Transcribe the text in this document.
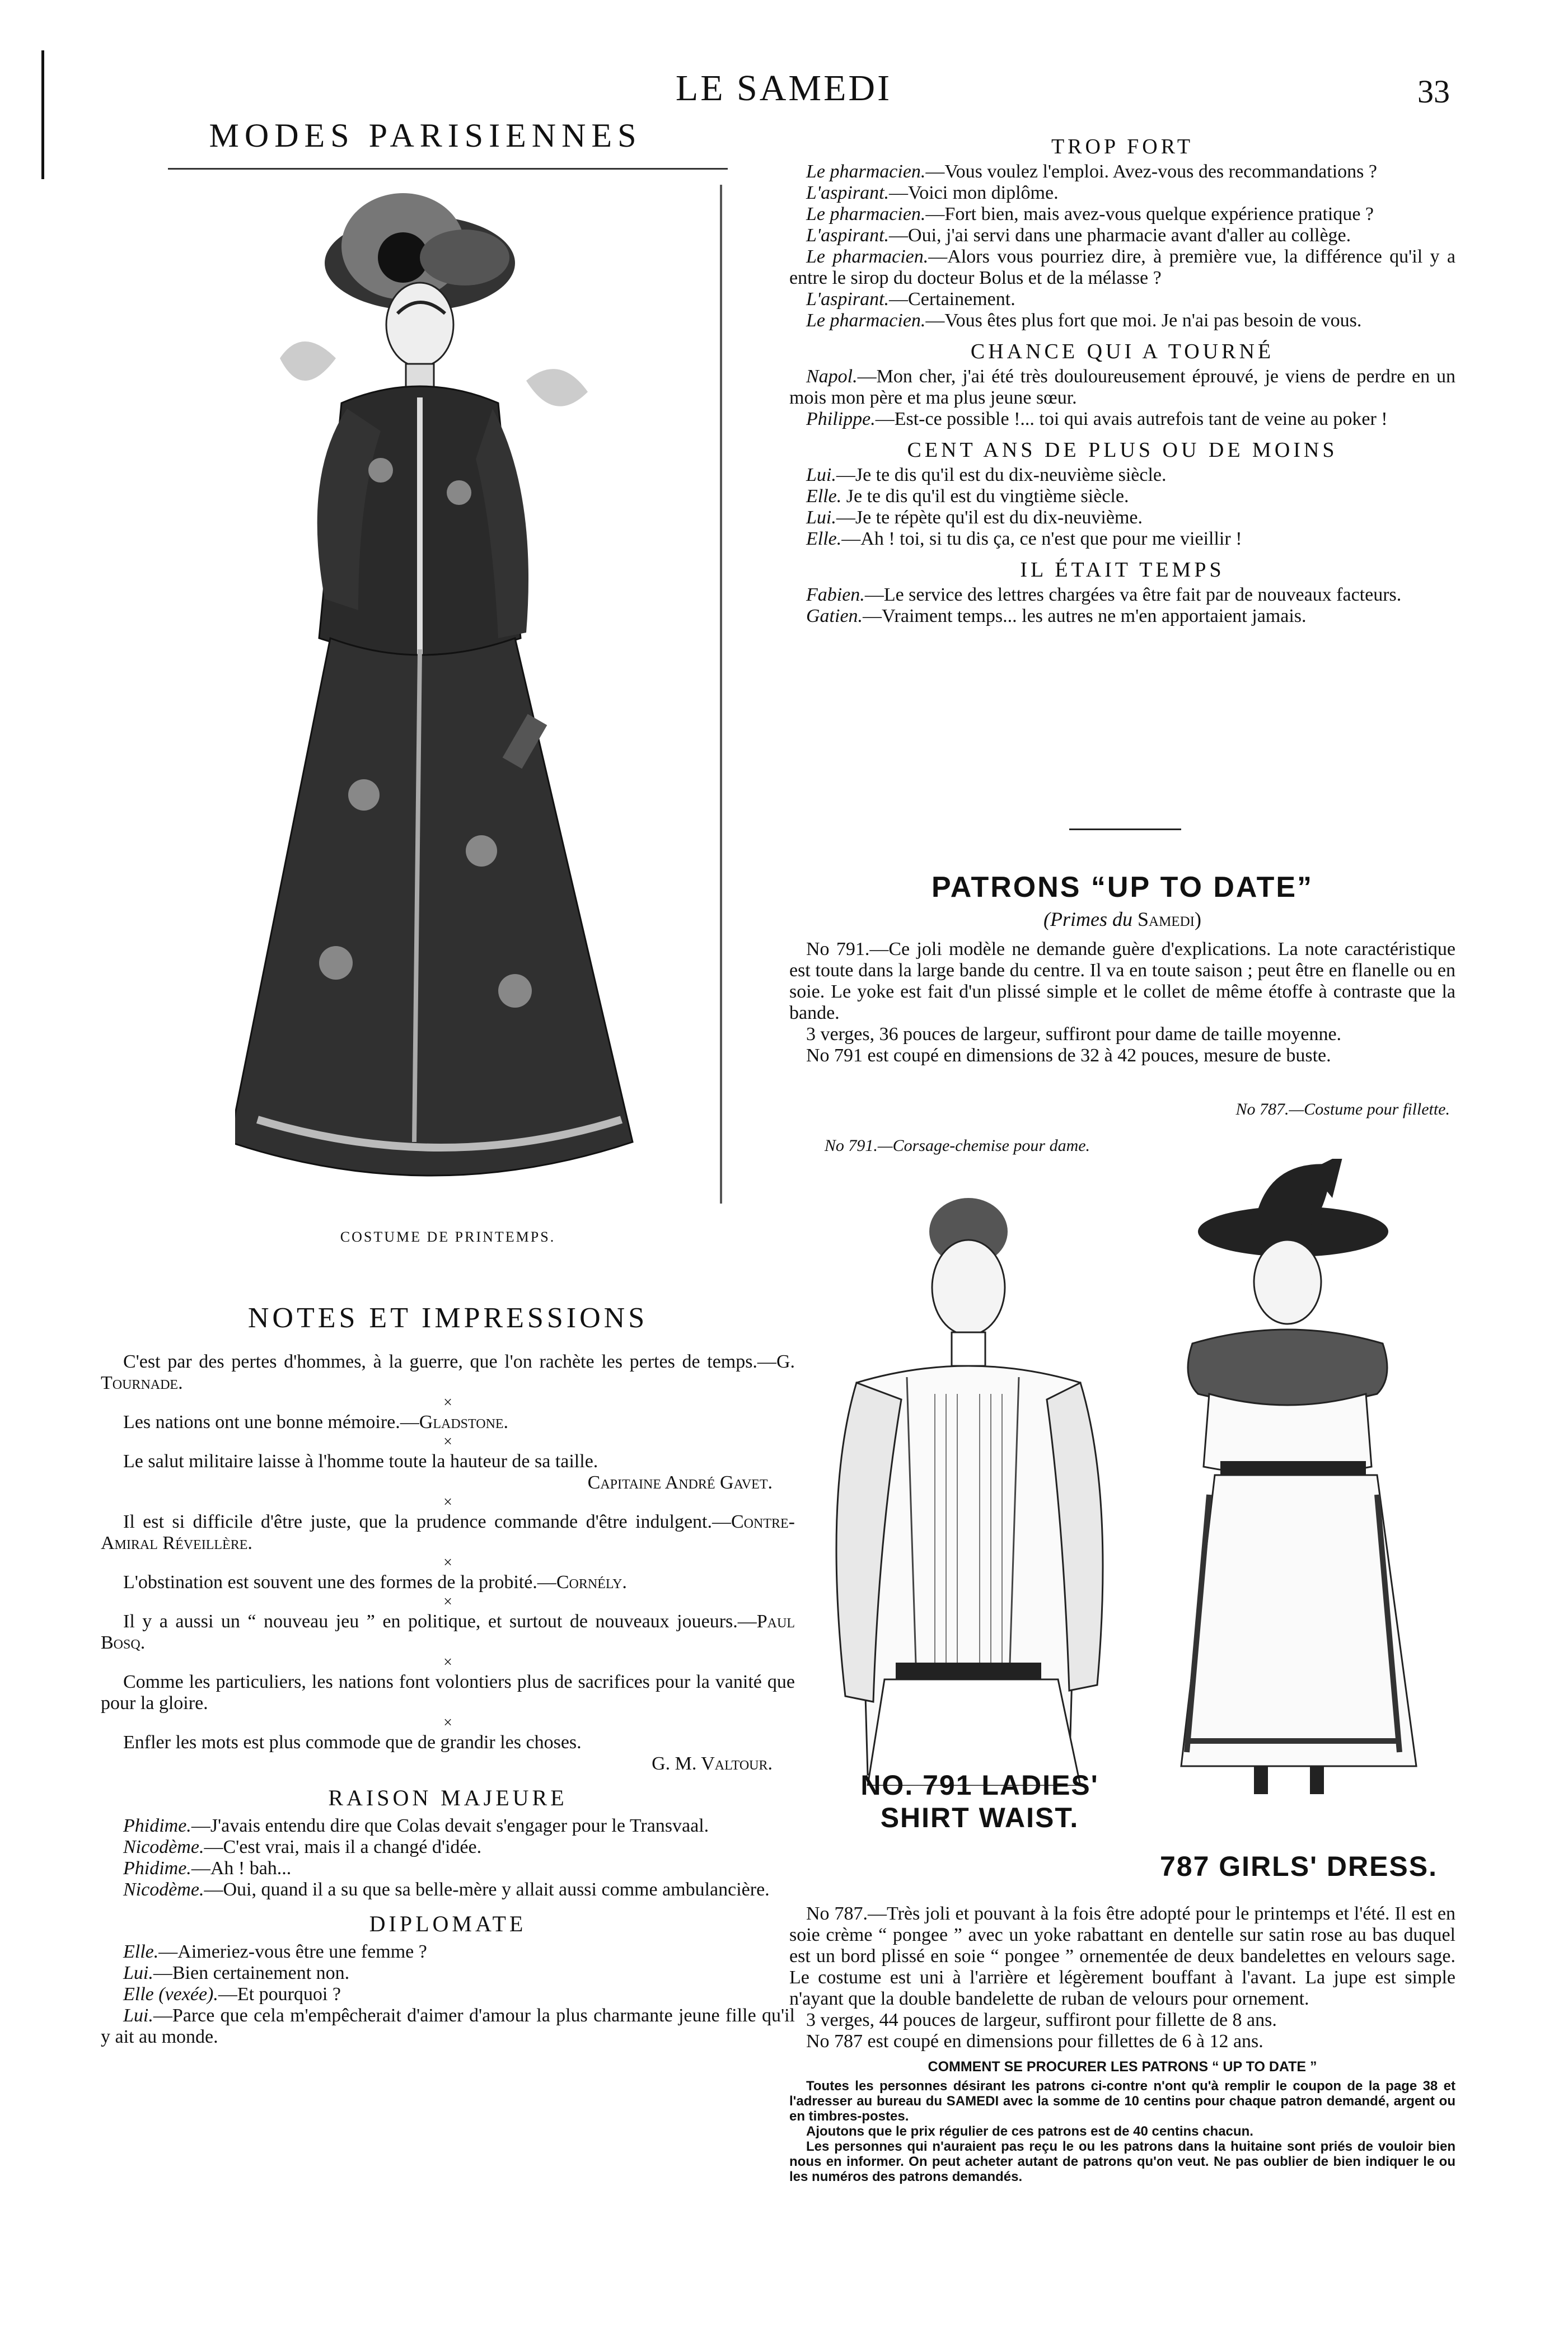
LE SAMEDI	33
MODES PARISIENNES
COSTUME DE PRINTEMPS.
NOTES ET IMPRESSIONS

C'est par des pertes d'hommes, à la guerre, que l'on rachète les pertes de temps.—G. Tournade.

×

Les nations ont une bonne mémoire.—Gladstone.

×

Le salut militaire laisse à l'homme toute la hauteur de sa taille.

Capitaine André Gavet.

×

Il est si difficile d'être juste, que la prudence commande d'être indulgent.—Contre-Amiral Réveillère.

×

L'obstination est souvent une des formes de la probité.—Cornély.

×

Il y a aussi un “ nouveau jeu ” en politique, et surtout de nouveaux joueurs.—Paul Bosq.

×

Comme les particuliers, les nations font volontiers plus de sacrifices pour la vanité que pour la gloire.

×

Enfler les mots est plus commode que de grandir les choses.

G. M. Valtour.

RAISON MAJEURE

Phidime.—J'avais entendu dire que Colas devait s'engager pour le Transvaal.

Nicodème.—C'est vrai, mais il a changé d'idée.

Phidime.—Ah ! bah...

Nicodème.—Oui, quand il a su que sa belle-mère y allait aussi comme ambulancière.

DIPLOMATE

Elle.—Aimeriez-vous être une femme ?

Lui.—Bien certainement non.

Elle (vexée).—Et pourquoi ?

Lui.—Parce que cela m'empêcherait d'aimer d'amour la plus charmante jeune fille qu'il y ait au monde.

TROP FORT

Le pharmacien.—Vous voulez l'emploi. Avez-vous des recommandations ?

L'aspirant.—Voici mon diplôme.

Le pharmacien.—Fort bien, mais avez-vous quelque expérience pratique ?

L'aspirant.—Oui, j'ai servi dans une pharmacie avant d'aller au collège.

Le pharmacien.—Alors vous pourriez dire, à première vue, la différence qu'il y a entre le sirop du docteur Bolus et de la mélasse ?

L'aspirant.—Certainement.

Le pharmacien.—Vous êtes plus fort que moi. Je n'ai pas besoin de vous.

CHANCE QUI A TOURNÉ

Napol.—Mon cher, j'ai été très douloureusement éprouvé, je viens de perdre en un mois mon père et ma plus jeune sœur.

Philippe.—Est-ce possible !... toi qui avais autrefois tant de veine au poker !

CENT ANS DE PLUS OU DE MOINS

Lui.—Je te dis qu'il est du dix-neuvième siècle.

Elle. Je te dis qu'il est du vingtième siècle.

Lui.—Je te répète qu'il est du dix-neuvième.

Elle.—Ah ! toi, si tu dis ça, ce n'est que pour me vieillir !

IL ÉTAIT TEMPS

Fabien.—Le service des lettres chargées va être fait par de nouveaux facteurs.

Gatien.—Vraiment temps... les autres ne m'en apportaient jamais.

PATRONS “UP TO DATE”
(Primes du Samedi)

No 791.—Ce joli modèle ne demande guère d'explications. La note caractéristique est toute dans la large bande du centre. Il va en toute saison ; peut être en flanelle ou en soie. Le yoke est fait d'un plissé simple et le collet de même étoffe à contraste que la bande.

3 verges, 36 pouces de largeur, suffiront pour dame de taille moyenne.

No 791 est coupé en dimensions de 32 à 42 pouces, mesure de buste.

No 787.—Costume pour fillette.
No 791.—Corsage-chemise pour dame.
NO. 791 LADIES'
SHIRT WAIST.
787 GIRLS' DRESS.

No 787.—Très joli et pouvant à la fois être adopté pour le printemps et l'été. Il est en soie crème “ pongee ” avec un yoke rabattant en dentelle sur satin rose au bas duquel est un bord plissé en soie “ pongee ” ornementée de deux bandelettes en velours sage. Le costume est uni à l'arrière et légèrement bouffant à l'avant. La jupe est simple n'ayant que la double bandelette de ruban de velours pour ornement.

3 verges, 44 pouces de largeur, suffiront pour fillette de 8 ans.

No 787 est coupé en dimensions pour fillettes de 6 à 12 ans.

COMMENT SE PROCURER LES PATRONS “ UP TO DATE ”

Toutes les personnes désirant les patrons ci-contre n'ont qu'à remplir le coupon de la page 38 et l'adresser au bureau du SAMEDI avec la somme de 10 centins pour chaque patron demandé, argent ou en timbres-postes.

Ajoutons que le prix régulier de ces patrons est de 40 centins chacun.

Les personnes qui n'auraient pas reçu le ou les patrons dans la huitaine sont priés de vouloir bien nous en informer. On peut acheter autant de patrons qu'on veut. Ne pas oublier de bien indiquer le ou les numéros des patrons demandés.
